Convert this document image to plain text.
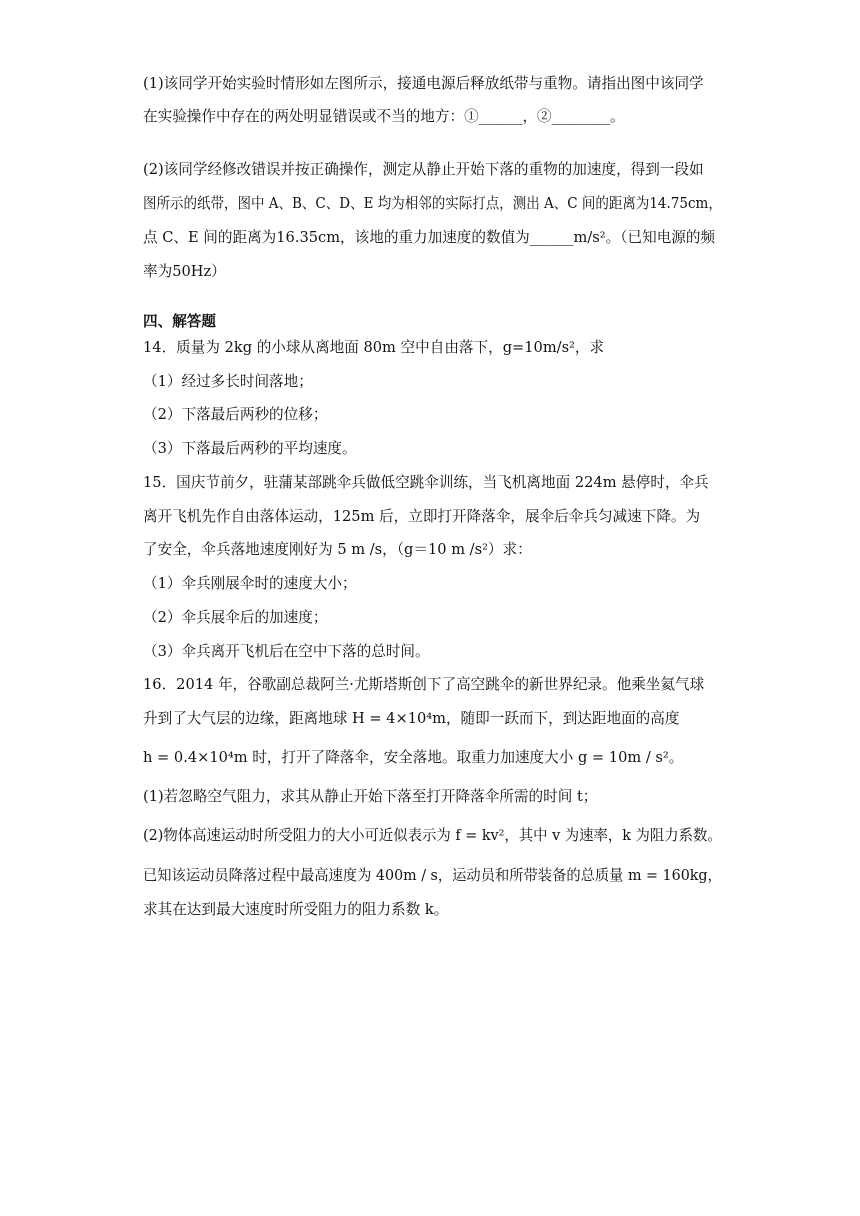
(1)该同学开始实验时情形如左图所示，接通电源后释放纸带与重物。请指出图中该同学
在实验操作中存在的两处明显错误或不当的地方：①______，②________。
(2)该同学经修改错误并按正确操作，测定从静止开始下落的重物的加速度，得到一段如
图所示的纸带，图中 A、B、C、D、E 均为相邻的实际打点，测出 A、C 间的距离为14.75cm，
点 C、E 间的距离为16.35cm，该地的重力加速度的数值为______m/s²。（已知电源的频
率为50Hz）
四、解答题
14．质量为 2kg 的小球从离地面 80m 空中自由落下，g=10m/s²，求
（1）经过多长时间落地；
（2）下落最后两秒的位移；
（3）下落最后两秒的平均速度。
15．国庆节前夕，驻蒲某部跳伞兵做低空跳伞训练，当飞机离地面 224m 悬停时，伞兵
离开飞机先作自由落体运动，125m 后，立即打开降落伞，展伞后伞兵匀减速下降。为
了安全，伞兵落地速度刚好为 5 m /s，（g＝10 m /s²）求：
（1）伞兵刚展伞时的速度大小；
（2）伞兵展伞后的加速度；
（3）伞兵离开飞机后在空中下落的总时间。
16．2014 年，谷歌副总裁阿兰·尤斯塔斯创下了高空跳伞的新世界纪录。他乘坐氦气球
升到了大气层的边缘，距离地球 H = 4×10⁴m，随即一跃而下，到达距地面的高度
h = 0.4×10⁴m 时，打开了降落伞，安全落地。取重力加速度大小 g = 10m / s²。
(1)若忽略空气阻力，求其从静止开始下落至打开降落伞所需的时间 t；
(2)物体高速运动时所受阻力的大小可近似表示为 f = kv²，其中 v 为速率，k 为阻力系数。
已知该运动员降落过程中最高速度为 400m / s，运动员和所带装备的总质量 m = 160kg，
求其在达到最大速度时所受阻力的阻力系数 k。
